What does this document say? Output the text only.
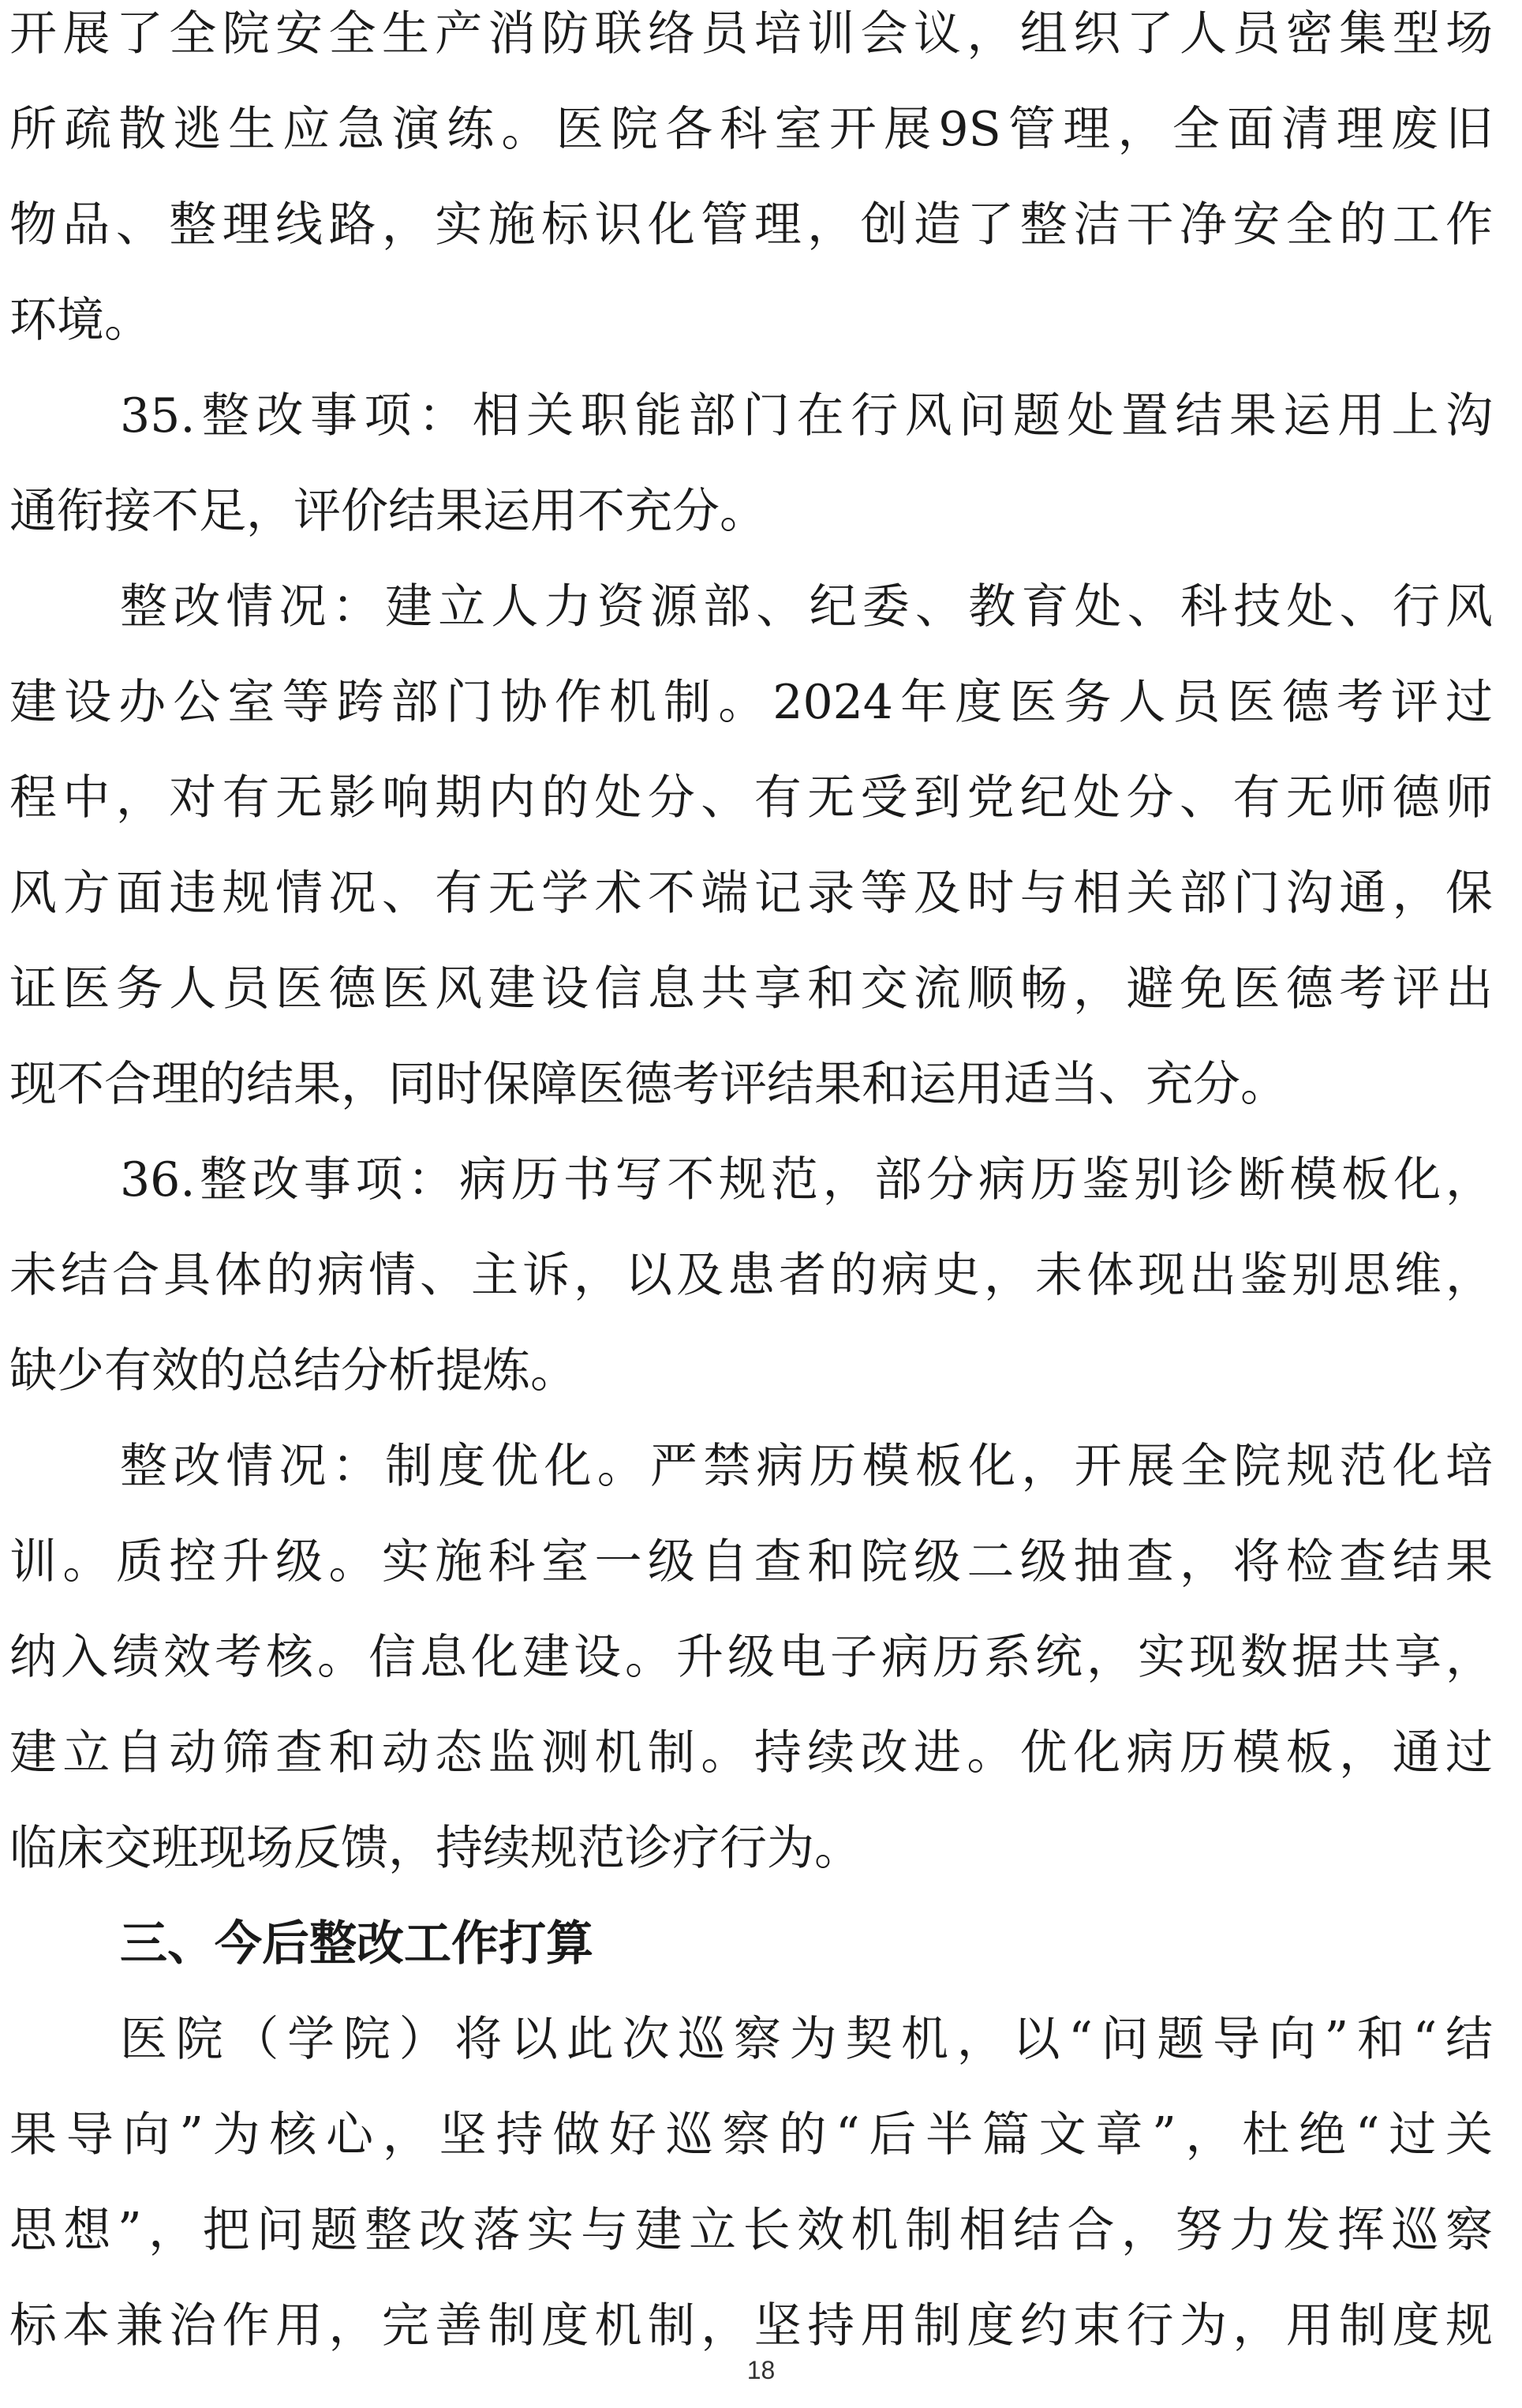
开展了全院安全生产消防联络员培训会议，组织了人员密集型场
所疏散逃生应急演练。医院各科室开展9S管理，全面清理废旧
物品、整理线路，实施标识化管理，创造了整洁干净安全的工作
环境。
35.整改事项：相关职能部门在行风问题处置结果运用上沟
通衔接不足，评价结果运用不充分。
整改情况：建立人力资源部、纪委、教育处、科技处、行风
建设办公室等跨部门协作机制。2024年度医务人员医德考评过
程中，对有无影响期内的处分、有无受到党纪处分、有无师德师
风方面违规情况、有无学术不端记录等及时与相关部门沟通，保
证医务人员医德医风建设信息共享和交流顺畅，避免医德考评出
现不合理的结果，同时保障医德考评结果和运用适当、充分。
36.整改事项：病历书写不规范，部分病历鉴别诊断模板化，
未结合具体的病情、主诉，以及患者的病史，未体现出鉴别思维，
缺少有效的总结分析提炼。
整改情况：制度优化。严禁病历模板化，开展全院规范化培
训。质控升级。实施科室一级自查和院级二级抽查，将检查结果
纳入绩效考核。信息化建设。升级电子病历系统，实现数据共享，
建立自动筛查和动态监测机制。持续改进。优化病历模板，通过
临床交班现场反馈，持续规范诊疗行为。
三、今后整改工作打算
医院（学院）将以此次巡察为契机，以“问题导向”和“结
果导向”为核心，坚持做好巡察的“后半篇文章”，杜绝“过关
思想”，把问题整改落实与建立长效机制相结合，努力发挥巡察
标本兼治作用，完善制度机制，坚持用制度约束行为，用制度规
18
